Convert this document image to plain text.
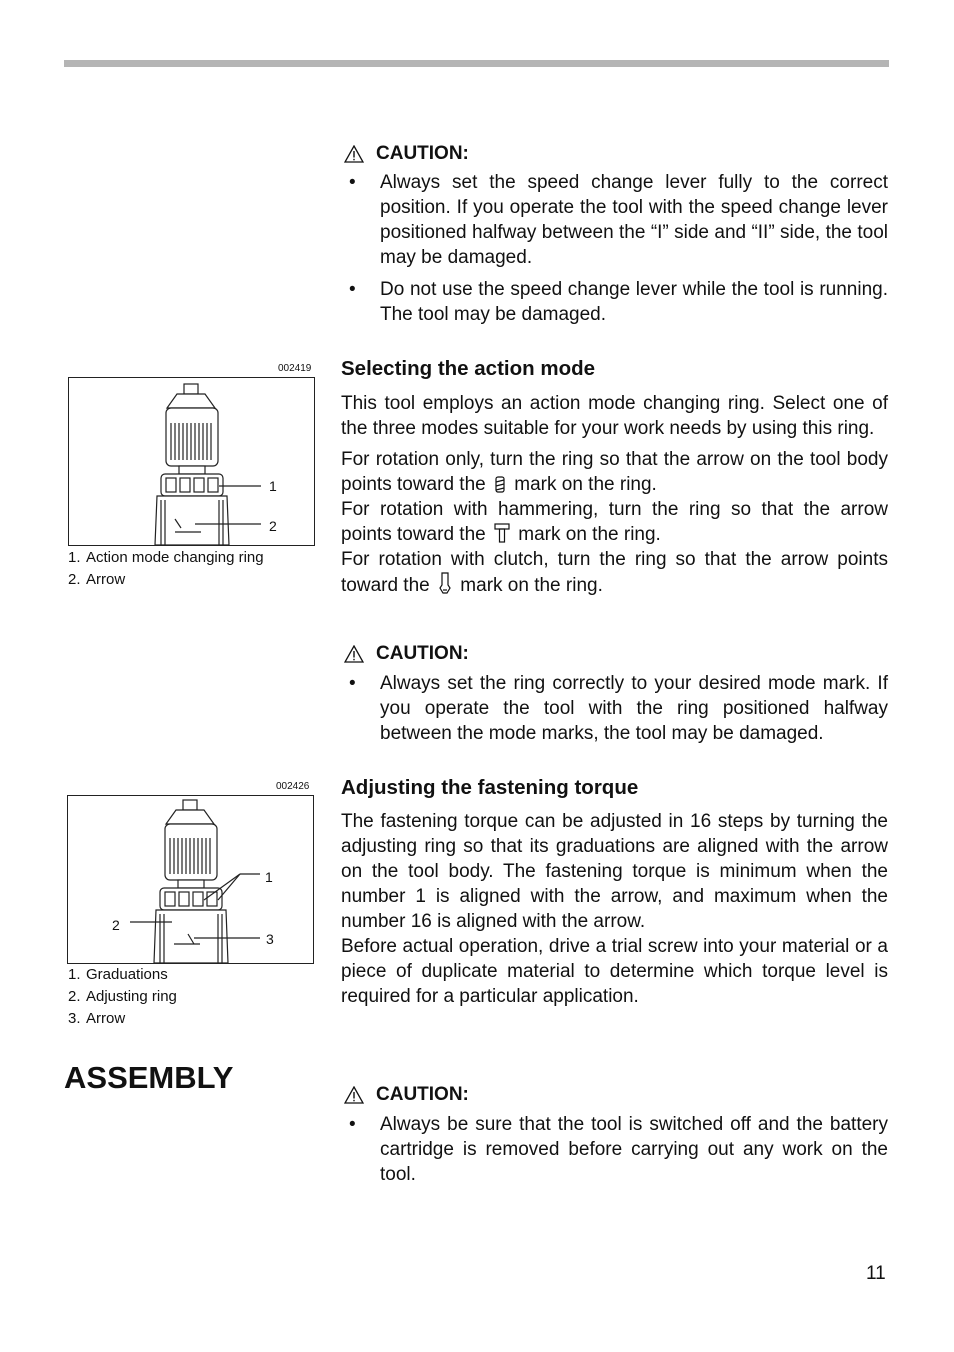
CAUTION:
• Always set the speed change lever fully to the correct position. If you operate the tool with the speed change lever positioned halfway between the “I” side and “II” side, the tool may be damaged.
• Do not use the speed change lever while the tool is running. The tool may be damaged.
002419
1
2
1. Action mode changing ring
2. Arrow
Selecting the action mode

This tool employs an action mode changing ring. Select one of the three modes suitable for your work needs by using this ring.

For rotation only, turn the ring so that the arrow on the tool body points toward the mark on the ring.

For rotation with hammering, turn the ring so that the arrow points toward the mark on the ring.

For rotation with clutch, turn the ring so that the arrow points toward the mark on the ring.

CAUTION:
• Always set the ring correctly to your desired mode mark. If you operate the tool with the ring positioned halfway between the mode marks, the tool may be damaged.
002426
1
2
3
1. Graduations
2. Adjusting ring
3. Arrow
Adjusting the fastening torque

The fastening torque can be adjusted in 16 steps by turning the adjusting ring so that its graduations are aligned with the arrow on the tool body. The fastening torque is minimum when the number 1 is aligned with the arrow, and maximum when the number 16 is aligned with the arrow.

Before actual operation, drive a trial screw into your material or a piece of duplicate material to determine which torque level is required for a particular application.

ASSEMBLY	CAUTION:
• Always be sure that the tool is switched off and the battery cartridge is removed before carrying out any work on the tool.
11
